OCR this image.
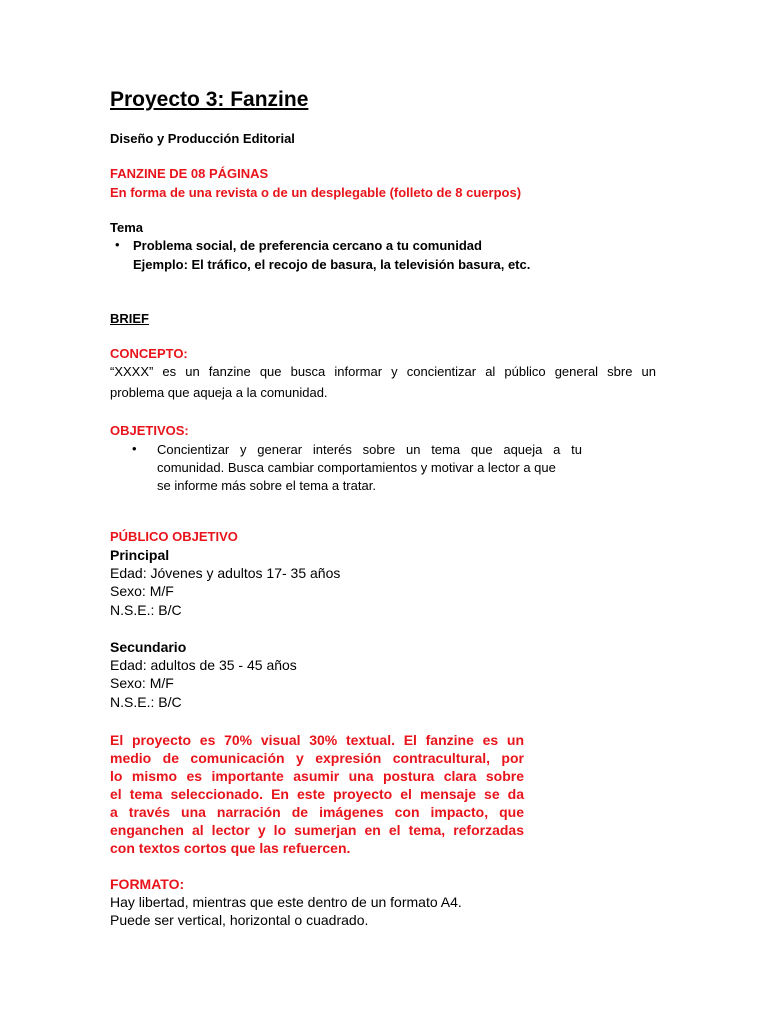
Proyecto 3: Fanzine
Diseño y Producción Editorial
FANZINE DE 08 PÁGINAS
En forma de una revista o de un desplegable (folleto de 8 cuerpos)
Tema
• Problema social, de preferencia cercano a tu comunidad
Ejemplo: El tráfico, el recojo de basura, la televisión basura, etc.
BRIEF
CONCEPTO:
“XXXX” es un fanzine que busca informar y concientizar al público general sbre un
problema que aqueja a la comunidad.
OBJETIVOS:
• Concientizar y generar interés sobre un tema que aqueja a tu
comunidad. Busca cambiar comportamientos y motivar a lector a que
se informe más sobre el tema a tratar.
PÚBLICO OBJETIVO
Principal
Edad: Jóvenes y adultos 17- 35 años
Sexo: M/F
N.S.E.: B/C
Secundario
Edad: adultos de 35 - 45 años
Sexo: M/F
N.S.E.: B/C
El proyecto es 70% visual 30% textual. El fanzine es un
medio de comunicación y expresión contracultural, por
lo mismo es importante asumir una postura clara sobre
el tema seleccionado. En este proyecto el mensaje se da
a través una narración de imágenes con impacto, que
enganchen al lector y lo sumerjan en el tema, reforzadas
con textos cortos que las refuercen.
FORMATO:
Hay libertad, mientras que este dentro de un formato A4.
Puede ser vertical, horizontal o cuadrado.
